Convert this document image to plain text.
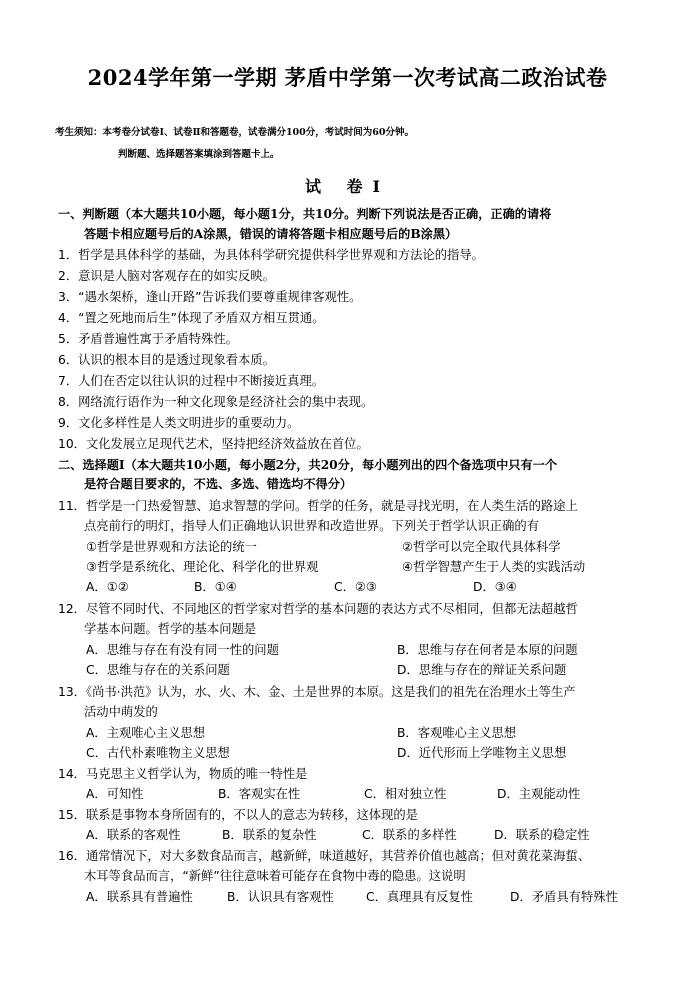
2024学年第一学期 茅盾中学第一次考试高二政治试卷
考生须知：本考卷分试卷Ⅰ、试卷Ⅱ和答题卷，试卷满分100分，考试时间为60分钟。
判断题、选择题答案填涂到答题卡上。
试 卷Ⅰ
一、判断题（本大题共10小题，每小题1分，共10分。判断下列说法是否正确，正确的请将
答题卡相应题号后的A涂黑，错误的请将答题卡相应题号后的B涂黑）
1．哲学是具体科学的基础，为具体科学研究提供科学世界观和方法论的指导。
2．意识是人脑对客观存在的如实反映。
3．“遇水架桥，逢山开路”告诉我们要尊重规律客观性。
4．“置之死地而后生”体现了矛盾双方相互贯通。
5．矛盾普遍性寓于矛盾特殊性。
6．认识的根本目的是透过现象看本质。
7．人们在否定以往认识的过程中不断接近真理。
8．网络流行语作为一种文化现象是经济社会的集中表现。
9．文化多样性是人类文明进步的重要动力。
10．文化发展立足现代艺术，坚持把经济效益放在首位。
二、选择题Ⅰ（本大题共10小题，每小题2分，共20分，每小题列出的四个备选项中只有一个
是符合题目要求的，不选、多选、错选均不得分）
11．哲学是一门热爱智慧、追求智慧的学问。哲学的任务，就是寻找光明，在人类生活的路途上
点亮前行的明灯，指导人们正确地认识世界和改造世界。下列关于哲学认识正确的有
①哲学是世界观和方法论的统一	②哲学可以完全取代具体科学
③哲学是系统化、理论化、科学化的世界观	④哲学智慧产生于人类的实践活动
A．①②	B．①④	C．②③	D．③④
12．尽管不同时代、不同地区的哲学家对哲学的基本问题的表达方式不尽相同，但都无法超越哲
学基本问题。哲学的基本问题是
A．思维与存在有没有同一性的问题	B．思维与存在何者是本原的问题
C．思维与存在的关系问题	D．思维与存在的辩证关系问题
13．《尚书·洪范》认为，水、火、木、金、土是世界的本原。这是我们的祖先在治理水土等生产
活动中萌发的
A．主观唯心主义思想	B．客观唯心主义思想
C．古代朴素唯物主义思想	D．近代形而上学唯物主义思想
14．马克思主义哲学认为，物质的唯一特性是
A．可知性	B．客观实在性	C．相对独立性	D．主观能动性
15．联系是事物本身所固有的，不以人的意志为转移，这体现的是
A．联系的客观性	B．联系的复杂性	C．联系的多样性	D．联系的稳定性
16．通常情况下，对大多数食品而言，越新鲜，味道越好，其营养价值也越高；但对黄花菜海蜇、
木耳等食品而言，“新鲜”往往意味着可能存在食物中毒的隐患。这说明
A．联系具有普遍性	B．认识具有客观性	C．真理具有反复性	D．矛盾具有特殊性
